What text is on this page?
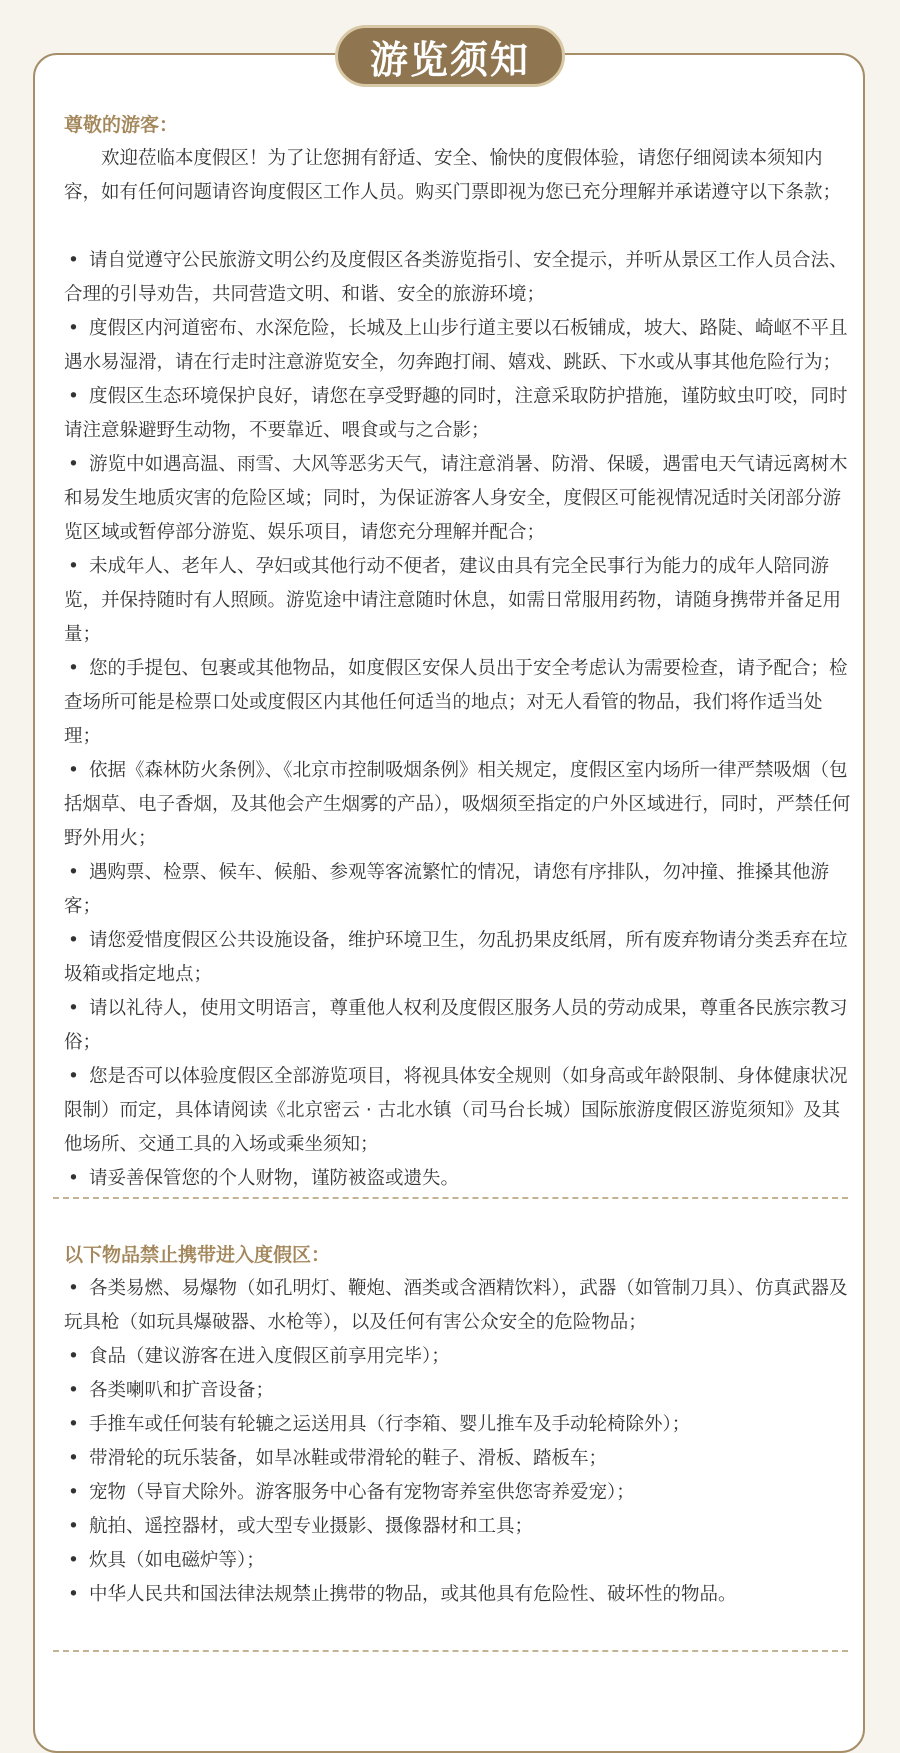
游览须知
尊敬的游客：

欢迎莅临本度假区！为了让您拥有舒适、安全、愉快的度假体验，请您仔细阅读本须知内容，如有任何问题请咨询度假区工作人员。购买门票即视为您已充分理解并承诺遵守以下条款；

• 请自觉遵守公民旅游文明公约及度假区各类游览指引、安全提示，并听从景区工作人员合法、合理的引导劝告，共同营造文明、和谐、安全的旅游环境；
• 度假区内河道密布、水深危险，长城及上山步行道主要以石板铺成，坡大、路陡、崎岖不平且遇水易湿滑，请在行走时注意游览安全，勿奔跑打闹、嬉戏、跳跃、下水或从事其他危险行为；
• 度假区生态环境保护良好，请您在享受野趣的同时，注意采取防护措施，谨防蚊虫叮咬，同时请注意躲避野生动物，不要靠近、喂食或与之合影；
• 游览中如遇高温、雨雪、大风等恶劣天气，请注意消暑、防滑、保暖，遇雷电天气请远离树木和易发生地质灾害的危险区域；同时，为保证游客人身安全，度假区可能视情况适时关闭部分游览区域或暂停部分游览、娱乐项目，请您充分理解并配合；
• 未成年人、老年人、孕妇或其他行动不便者，建议由具有完全民事行为能力的成年人陪同游览，并保持随时有人照顾。游览途中请注意随时休息，如需日常服用药物，请随身携带并备足用量；
• 您的手提包、包裹或其他物品，如度假区安保人员出于安全考虑认为需要检查，请予配合；检查场所可能是检票口处或度假区内其他任何适当的地点；对无人看管的物品，我们将作适当处理；
• 依据《森林防火条例》、《北京市控制吸烟条例》相关规定，度假区室内场所一律严禁吸烟（包括烟草、电子香烟，及其他会产生烟雾的产品），吸烟须至指定的户外区域进行，同时，严禁任何野外用火；
• 遇购票、检票、候车、候船、参观等客流繁忙的情况，请您有序排队，勿冲撞、推搡其他游客；
• 请您爱惜度假区公共设施设备，维护环境卫生，勿乱扔果皮纸屑，所有废弃物请分类丢弃在垃圾箱或指定地点；
• 请以礼待人，使用文明语言，尊重他人权利及度假区服务人员的劳动成果，尊重各民族宗教习俗；
• 您是否可以体验度假区全部游览项目，将视具体安全规则（如身高或年龄限制、身体健康状况限制）而定，具体请阅读《北京密云 · 古北水镇（司马台长城）国际旅游度假区游览须知》及其他场所、交通工具的入场或乘坐须知；
• 请妥善保管您的个人财物，谨防被盗或遗失。
以下物品禁止携带进入度假区：
• 各类易燃、易爆物（如孔明灯、鞭炮、酒类或含酒精饮料），武器（如管制刀具）、仿真武器及玩具枪（如玩具爆破器、水枪等），以及任何有害公众安全的危险物品；
• 食品（建议游客在进入度假区前享用完毕）；
• 各类喇叭和扩音设备；
• 手推车或任何装有轮辘之运送用具（行李箱、婴儿推车及手动轮椅除外）；
• 带滑轮的玩乐装备，如旱冰鞋或带滑轮的鞋子、滑板、踏板车；
• 宠物（导盲犬除外。游客服务中心备有宠物寄养室供您寄养爱宠）；
• 航拍、遥控器材，或大型专业摄影、摄像器材和工具；
• 炊具（如电磁炉等）；
• 中华人民共和国法律法规禁止携带的物品，或其他具有危险性、破坏性的物品。
